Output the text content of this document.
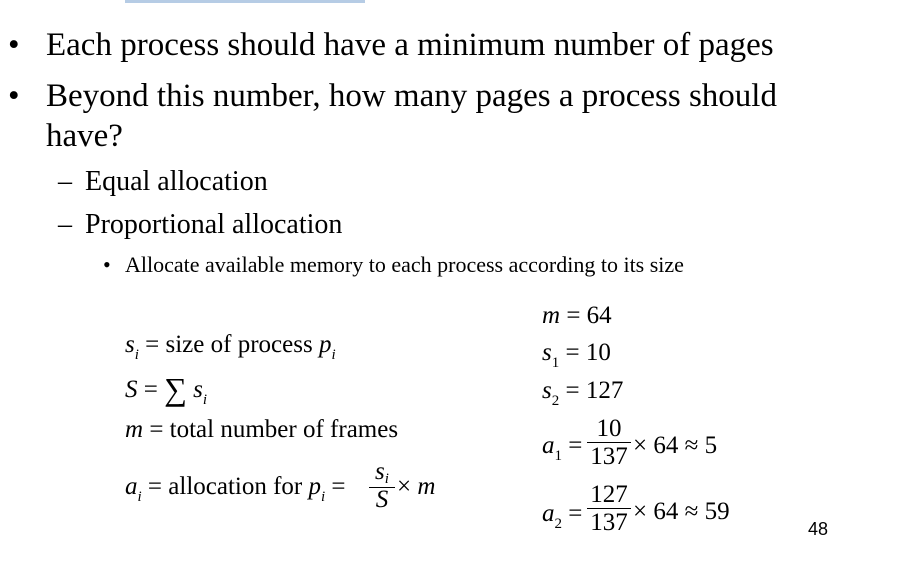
• Each process should have a minimum number of pages
• Beyond this number, how many pages a process should
have?
– Equal allocation
– Proportional allocation
• Allocate available memory to each process according to its size
$s_i$ = size of process $p_i$
S = ∑ $s_i$
m = total number of frames
$a_i$ = allocation for $p_i$ =
si
S × m
m = 64
$s_1 = 10$
$s_2 = 127$
$a_1$ =
10
137 × 64 ≈ 5
$a_2$ =
127
137 × 64 ≈ 59
48
